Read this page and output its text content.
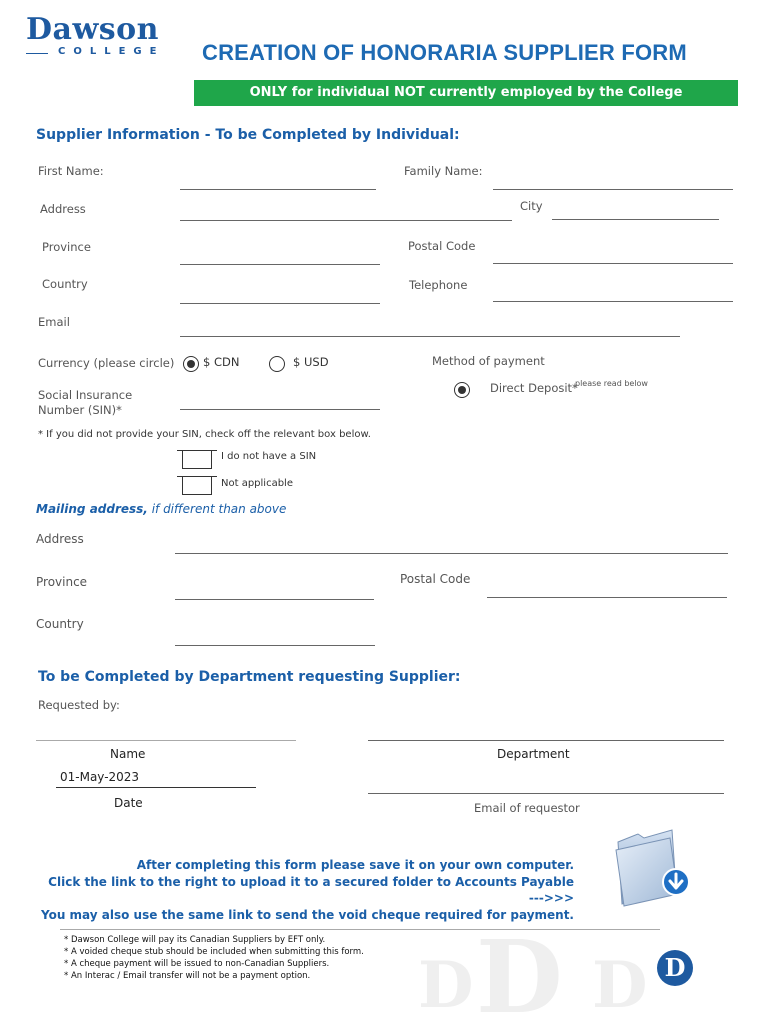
Dawson
COLLEGE CREATION OF HONORARIA SUPPLIER FORM
ONLY for individual NOT currently employed by the College
Supplier Information - To be Completed by Individual:
First Name:	Family Name:
Address	City
Province	Postal Code
Country	Telephone
Email
Currency (please circle) $ CDN	$ USD	Method of payment
Direct Deposit*
please read below
Social Insurance Number (SIN)*
* If you did not provide your SIN, check off the relevant box below.
I do not have a SIN
Not applicable
Mailing address, if different than above
Address
Province	Postal Code
Country
To be Completed by Department requesting Supplier:
Requested by:
Name	Department
01-May-2023
Date	Email of requestor
After completing this form please save it on your own computer.
Click the link to the right to upload it to a secured folder to Accounts Payable --->>>
You may also use the same link to send the void cheque required for payment.
* Dawson College will pay its Canadian Suppliers by EFT only.
* A voided cheque stub should be included when submitting this form.
* A cheque payment will be issued to non-Canadian Suppliers.
* An Interac / Email transfer will not be a payment option.	D D D D
